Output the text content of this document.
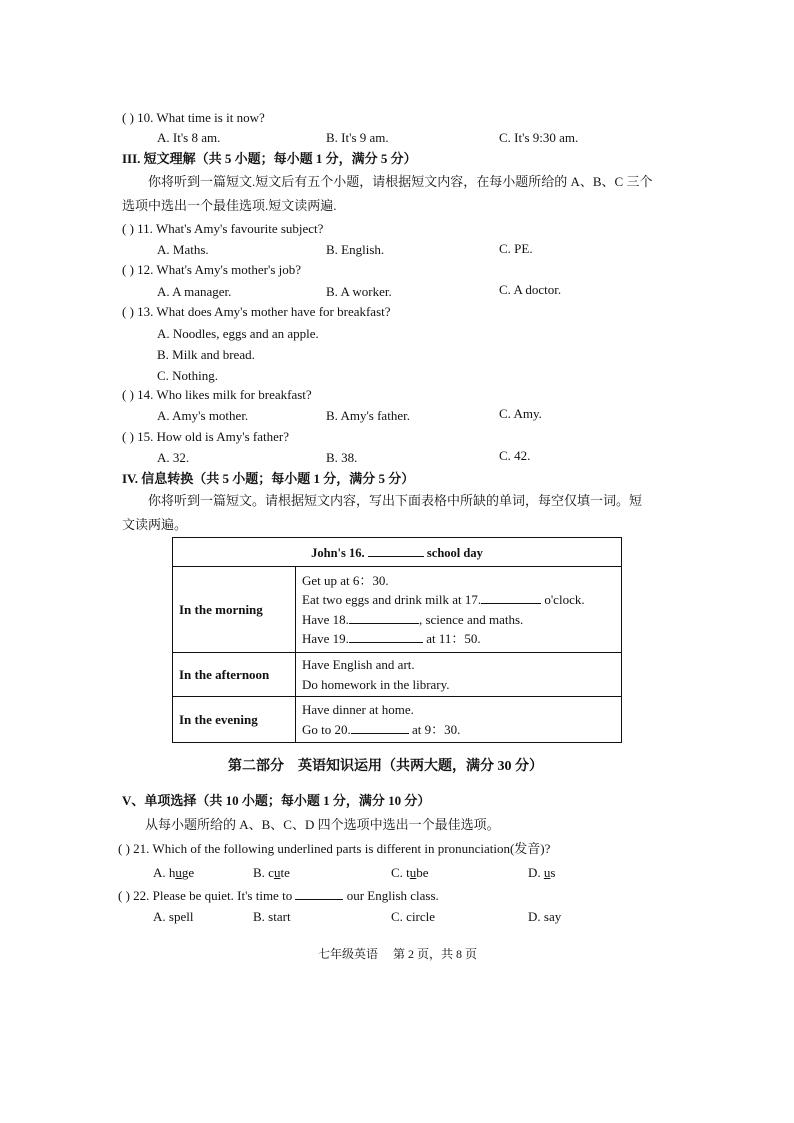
( ) 10. What time is it now?
A. It's 8 am.	B. It's 9 am.	C. It's 9:30 am.
III. 短文理解（共 5 小题；每小题 1 分，满分 5 分）
你将听到一篇短文.短文后有五个小题，请根据短文内容，在每小题所给的 A、B、C 三个
选项中选出一个最佳选项.短文读两遍.
( ) 11. What's Amy's favourite subject?
A. Maths.	B. English.	C. PE.
( ) 12. What's Amy's mother's job?
A. A manager.	B. A worker.	C. A doctor.
( ) 13. What does Amy's mother have for breakfast?
A. Noodles, eggs and an apple.
B. Milk and bread.
C. Nothing.
( ) 14. Who likes milk for breakfast?
A. Amy's mother.	B. Amy's father.	C. Amy.
( ) 15. How old is Amy's father?
A. 32.	B. 38.	C. 42.
IV. 信息转换（共 5 小题；每小题 1 分，满分 5 分）
你将听到一篇短文。请根据短文内容，写出下面表格中所缺的单词，每空仅填一词。短
文读两遍。
John's 16. school day	
In the morning	Get up at 6：30.
Eat two eggs and drink milk at 17. o'clock.
Have 18. , science and maths.
Have 19. at 11：50.

In the afternoon	Have English and art.
Do homework in the library.

In the evening	Have dinner at home.
Go to 20. at 9：30.
第二部分　英语知识运用（共两大题，满分 30 分）
V、单项选择（共 10 小题；每小题 1 分，满分 10 分）
从每小题所给的 A、B、C、D 四个选项中选出一个最佳选项。
( ) 21. Which of the following underlined parts is different in pronunciation(发音)?
A. huge	B. cute	C. tube	D. us
( ) 22. Please be quiet. It's time to	our English class.
A. spell	B. start	C. circle	D. say
七年级英语　 第 2 页，共 8 页
